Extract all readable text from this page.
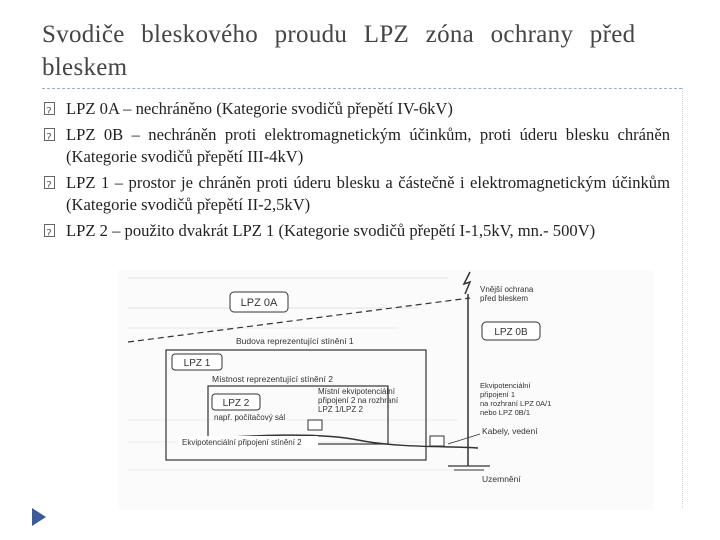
Svodiče bleskového proudu LPZ zóna ochrany před bleskem
?
LPZ 0A – nechráněno (Kategorie svodičů přepětí IV-6kV)
?
LPZ 0B – nechráněn proti elektromagnetickým účinkům, proti úderu blesku chráněn (Kategorie svodičů přepětí III-4kV)
?
LPZ 1 – prostor je chráněn proti úderu blesku a částečně i elektromagnetickým účinkům (Kategorie svodičů přepětí II-2,5kV)
?
LPZ 2 – použito dvakrát LPZ 1 (Kategorie svodičů přepětí I-1,5kV, mn.- 500V)
LPZ 0A
Budova reprezentující stínění 1
LPZ 1
Místnost reprezentující stínění 2
LPZ 2
např. počítačový sál
Místní ekvipotenciální
připojení 2 na rozhraní
LPZ 1/LPZ 2
Ekvipotenciální připojení stínění 2
Uzemnění
Vnější ochrana
před bleskem
LPZ 0B
Ekvipotenciální
připojení 1
na rozhraní LPZ 0A/1
nebo LPZ 0B/1
Kabely, vedení
